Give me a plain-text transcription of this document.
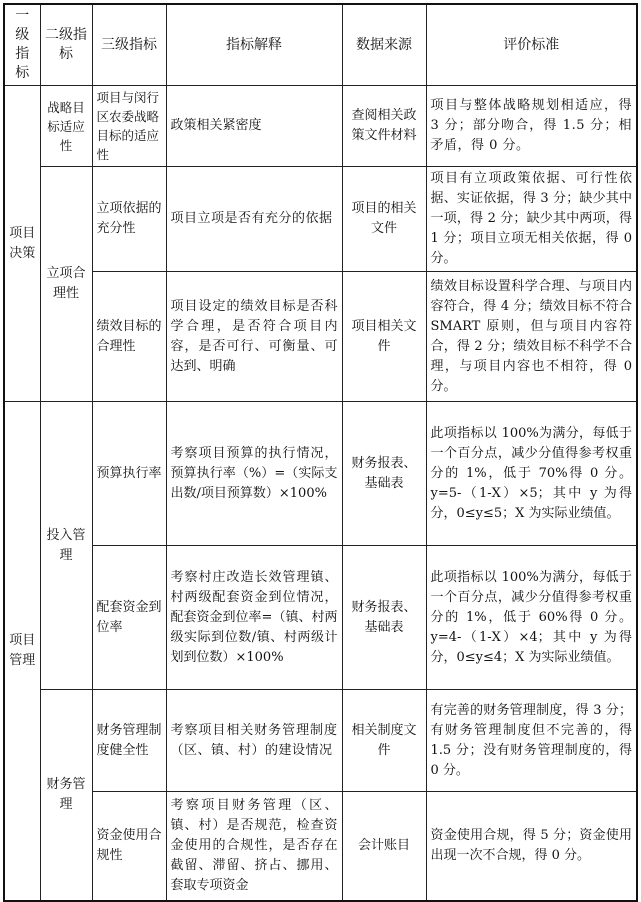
一级指标	二级指标	三级指标	指标解释	数据来源	评价标准
项目决策	战略目标适应性	项目与闵行区农委战略目标的适应性	政策相关紧密度	查阅相关政策文件材料	项目与整体战略规划相适应，得 3 分；部分吻合，得 1.5 分；相矛盾，得 0 分。
	立项合理性	立项依据的充分性	项目立项是否有充分的依据	项目的相关文件	项目有立项政策依据、可行性依据、实证依据，得 3 分；缺少其中一项，得 2 分；缺少其中两项，得 1 分；项目立项无相关依据，得 0 分。
		绩效目标的合理性	项目设定的绩效目标是否科学合理，是否符合项目内容，是否可行、可衡量、可达到、明确	项目相关文件	绩效目标设置科学合理、与项目内容符合，得 4 分；绩效目标不符合 SMART 原则，但与项目内容符合，得 2 分；绩效目标不科学不合理，与项目内容也不相符，得 0 分。
项目管理	投入管理	预算执行率	考察项目预算的执行情况，预算执行率（%）=（实际支出数/项目预算数）×100%	财务报表、基础表	此项指标以 100%为满分，每低于一个百分点，减少分值得参考权重分的 1%，低于 70%得 0 分。y=5-（1-X）×5；其中 y 为得分，0≤y≤5；X 为实际业绩值。
		配套资金到位率	考察村庄改造长效管理镇、村两级配套资金到位情况，配套资金到位率=（镇、村两级实际到位数/镇、村两级计划到位数）×100%	财务报表、基础表	此项指标以 100%为满分，每低于一个百分点，减少分值得参考权重分的 1%，低于 60%得 0 分。y=4-（1-X）×4；其中 y 为得分，0≤y≤4；X 为实际业绩值。
	财务管理	财务管理制度健全性	考察项目相关财务管理制度（区、镇、村）的建设情况	相关制度文件	有完善的财务管理制度，得 3 分；有财务管理制度但不完善的，得 1.5 分；没有财务管理制度的，得 0 分。
		资金使用合规性	考察项目财务管理（区、镇、村）是否规范，检查资金使用的合规性，是否存在截留、滞留、挤占、挪用、套取专项资金	会计账目	资金使用合规，得 5 分；资金使用出现一次不合规，得 0 分。
